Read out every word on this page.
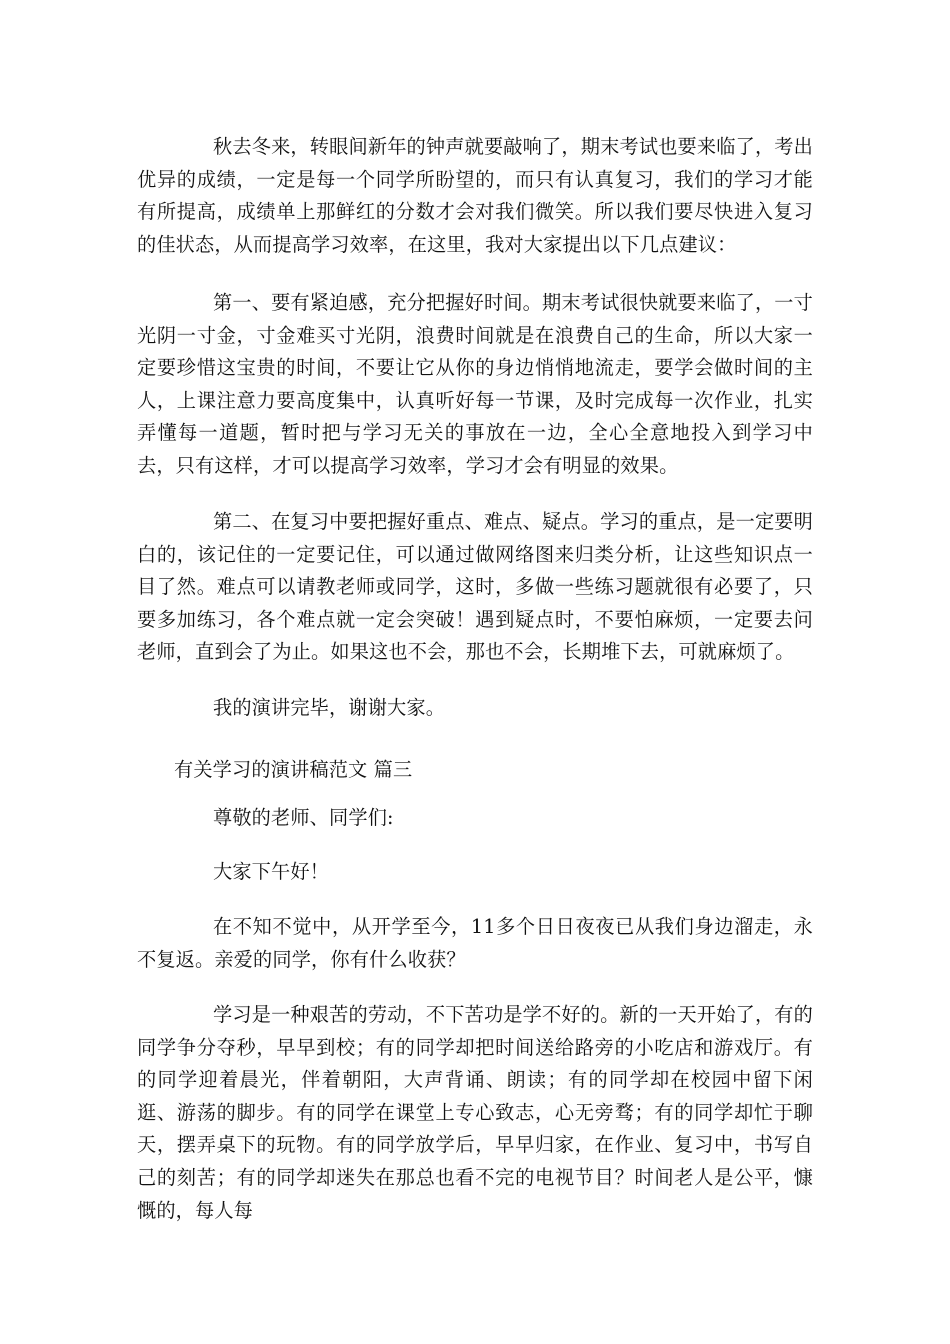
秋去冬来，转眼间新年的钟声就要敲响了，期末考试也要来临了，考出优异的成绩，一定是每一个同学所盼望的，而只有认真复习，我们的学习才能有所提高，成绩单上那鲜红的分数才会对我们微笑。所以我们要尽快进入复习的佳状态，从而提高学习效率，在这里，我对大家提出以下几点建议：

第一、要有紧迫感，充分把握好时间。期末考试很快就要来临了，一寸光阴一寸金，寸金难买寸光阴，浪费时间就是在浪费自己的生命，所以大家一定要珍惜这宝贵的时间，不要让它从你的身边悄悄地流走，要学会做时间的主人，上课注意力要高度集中，认真听好每一节课，及时完成每一次作业，扎实弄懂每一道题，暂时把与学习无关的事放在一边，全心全意地投入到学习中去，只有这样，才可以提高学习效率，学习才会有明显的效果。

第二、在复习中要把握好重点、难点、疑点。学习的重点，是一定要明白的，该记住的一定要记住，可以通过做网络图来归类分析，让这些知识点一目了然。难点可以请教老师或同学，这时，多做一些练习题就很有必要了，只要多加练习，各个难点就一定会突破！遇到疑点时，不要怕麻烦，一定要去问老师，直到会了为止。如果这也不会，那也不会，长期堆下去，可就麻烦了。

我的演讲完毕，谢谢大家。

有关学习的演讲稿范文 篇三

尊敬的老师、同学们:

大家下午好！

在不知不觉中，从开学至今，11多个日日夜夜已从我们身边溜走，永不复返。亲爱的同学，你有什么收获？

学习是一种艰苦的劳动，不下苦功是学不好的。新的一天开始了，有的同学争分夺秒，早早到校；有的同学却把时间送给路旁的小吃店和游戏厅。有的同学迎着晨光，伴着朝阳，大声背诵、朗读；有的同学却在校园中留下闲逛、游荡的脚步。有的同学在课堂上专心致志，心无旁骛；有的同学却忙于聊天，摆弄桌下的玩物。有的同学放学后，早早归家，在作业、复习中，书写自己的刻苦；有的同学却迷失在那总也看不完的电视节目？时间老人是公平，慷慨的，每人每
